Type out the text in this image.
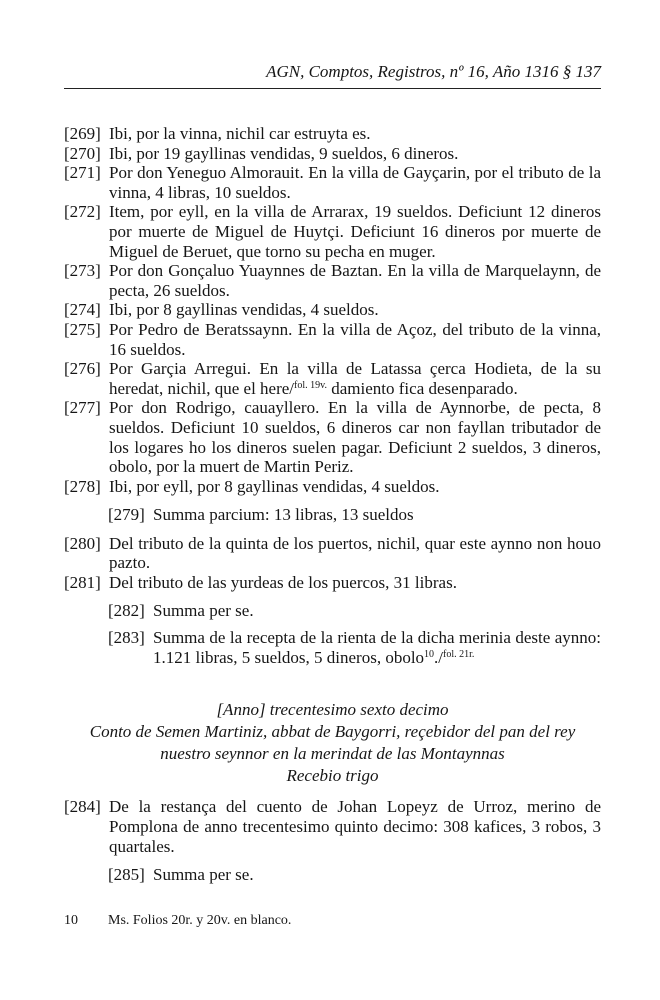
AGN, Comptos, Registros, nº 16, Año 1316 § 137
[269] Ibi, por la vinna, nichil car estruyta es.
[270] Ibi, por 19 gayllinas vendidas, 9 sueldos, 6 dineros.
[271] Por don Yeneguo Almorauit. En la villa de Gayçarin, por el tributo de la vinna, 4 libras, 10 sueldos.
[272] Item, por eyll, en la villa de Arrarax, 19 sueldos. Deficiunt 12 dineros por muerte de Miguel de Huytçi. Deficiunt 16 dineros por muerte de Miguel de Beruet, que torno su pecha en muger.
[273] Por don Gonçaluo Yuaynnes de Baztan. En la villa de Marquelaynn, de pecta, 26 sueldos.
[274] Ibi, por 8 gayllinas vendidas, 4 sueldos.
[275] Por Pedro de Beratssaynn. En la villa de Açoz, del tributo de la vinna, 16 sueldos.
[276] Por Garçia Arregui. En la villa de Latassa çerca Hodieta, de la su heredat, nichil, que el here/$^{fol. 19v.}$ damiento fica desenparado.
[277] Por don Rodrigo, cauayllero. En la villa de Aynnorbe, de pecta, 8 sueldos. Deficiunt 10 sueldos, 6 dineros car non fayllan tributador de los logares ho los dineros suelen pagar. Deficiunt 2 sueldos, 3 dineros, obolo, por la muert de Martin Periz.
[278] Ibi, por eyll, por 8 gayllinas vendidas, 4 sueldos.
[279] Summa parcium: 13 libras, 13 sueldos
[280] Del tributo de la quinta de los puertos, nichil, quar este aynno non houo pazto.
[281] Del tributo de las yurdeas de los puercos, 31 libras.
[282] Summa per se.
[283] Summa de la recepta de la rienta de la dicha merinia deste aynno: 1.121 libras, 5 sueldos, 5 dineros, obolo$^{10}$./$^{fol. 21r.}$
[Anno] trecentesimo sexto decimo
Conto de Semen Martiniz, abbat de Baygorri, reçebidor del pan del rey
nuestro seynnor en la merindat de las Montaynnas
Recebio trigo
[284] De la restança del cuento de Johan Lopeyz de Urroz, merino de Pomplona de anno trecentesimo quinto decimo: 308 kafices, 3 robos, 3 quartales.
[285] Summa per se.
10	Ms. Folios 20r. y 20v. en blanco.
